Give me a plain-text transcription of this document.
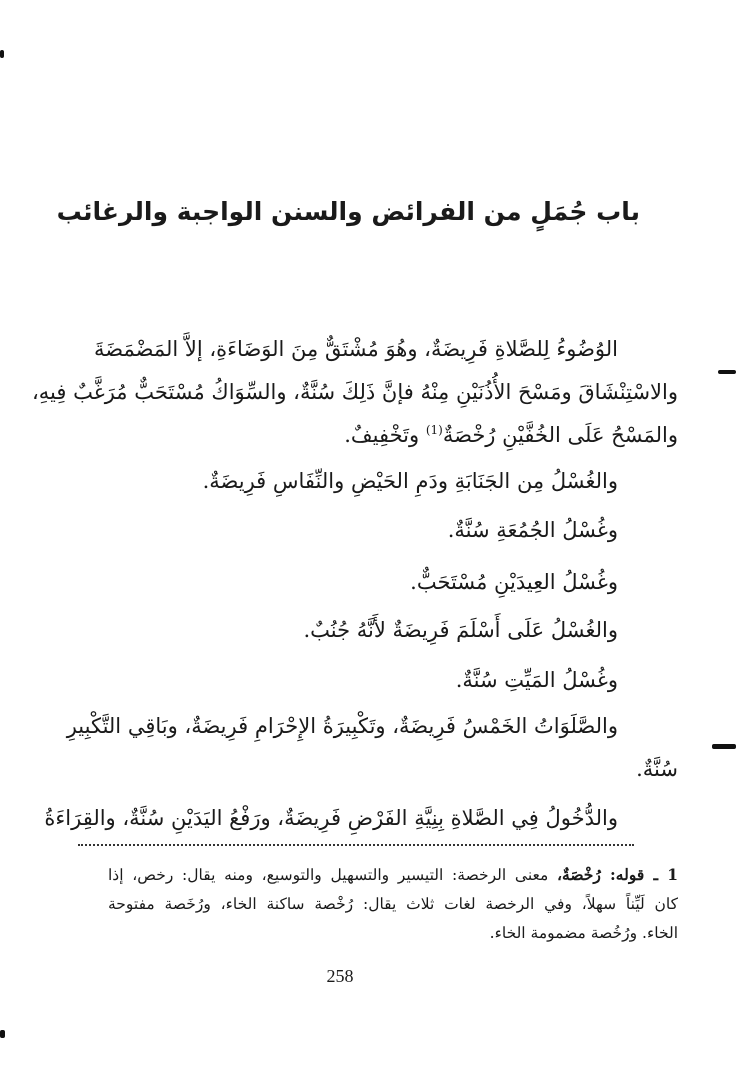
باب جُمَلٍ من الفرائض والسنن الواجبة والرغائب
الوُضُوءُ لِلصَّلاةِ فَرِيضَةٌ، وهُوَ مُشْتَقٌّ مِنَ الوَضَاءَةِ، إلاَّ المَضْمَضَةَ
والاسْتِنْشَاقَ ومَسْحَ الأُذُنَيْنِ مِنْهُ فإنَّ ذَلِكَ سُنَّةٌ، والسِّوَاكُ مُسْتَحَبٌّ مُرَغَّبٌ فِيهِ،
والمَسْحُ عَلَى الخُفَّيْنِ رُخْصَةٌ$^{(1)}$ وتَخْفِيفٌ.
والغُسْلُ مِن الجَنَابَةِ ودَمِ الحَيْضِ والنِّفَاسِ فَرِيضَةٌ.
وغُسْلُ الجُمُعَةِ سُنَّةٌ.
وغُسْلُ العِيدَيْنِ مُسْتَحَبٌّ.
والغُسْلُ عَلَى أَسْلَمَ فَرِيضَةٌ لأَنَّهُ جُنُبٌ.
وغُسْلُ المَيِّتِ سُنَّةٌ.
والصَّلَوَاتُ الخَمْسُ فَرِيضَةٌ، وتَكْبِيرَةُ الإِحْرَامِ فَرِيضَةٌ، وبَاقِي التَّكْبِيرِ
سُنَّةٌ.
والدُّخُولُ فِي الصَّلاةِ بِنِيَّةِ الفَرْضِ فَرِيضَةٌ، ورَفْعُ اليَدَيْنِ سُنَّةٌ، والقِرَاءَةُ
1 ـ قوله: رُخْصَةٌ، معنى الرخصة: التيسير والتسهيل والتوسيع، ومنه يقال: رخص، إذا
كان لَيِّناً سهلاً، وفي الرخصة لغات ثلاث يقال: رُخْصة ساكنة الخاء، ورُخَصة مفتوحة
الخاء. ورُخُصة مضمومة الخاء.
258
